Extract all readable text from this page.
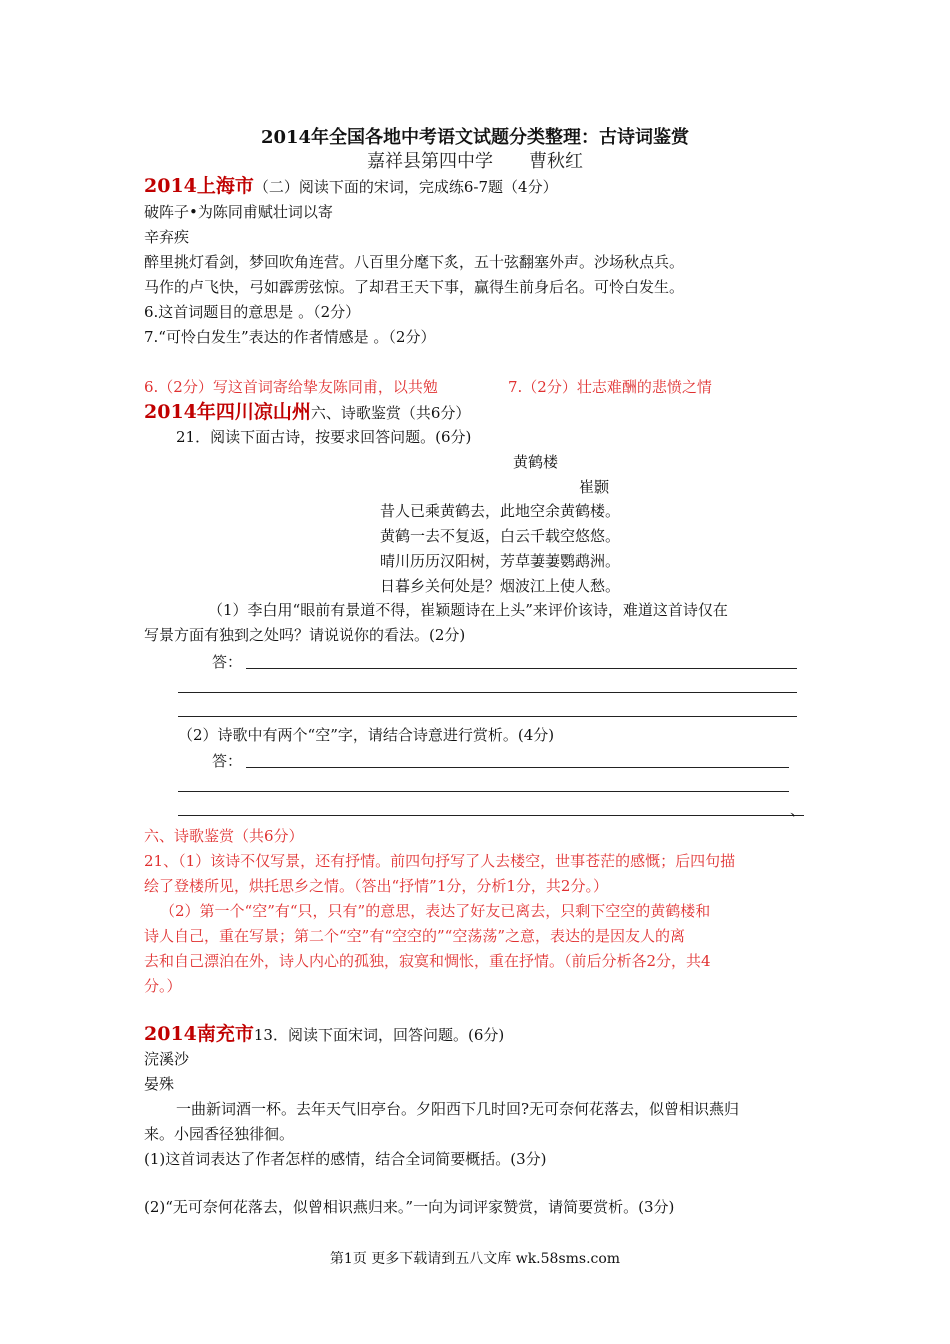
2014年全国各地中考语文试题分类整理：古诗词鉴赏
嘉祥县第四中学　　曹秋红
2014上海市（二）阅读下面的宋词，完成练6-7题（4分）
破阵子•为陈同甫赋壮词以寄
辛弃疾
醉里挑灯看剑，梦回吹角连营。八百里分麾下炙，五十弦翻塞外声。沙场秋点兵。
马作的卢飞快，弓如霹雳弦惊。了却君王天下事，赢得生前身后名。可怜白发生。
6.这首词题目的意思是 。（2分）
7.“可怜白发生”表达的作者情感是 。（2分）
6.（2分）写这首词寄给挚友陈同甫，以共勉	7.（2分）壮志难酬的悲愤之情
2014年四川凉山州六、诗歌鉴赏（共6分）
21．阅读下面古诗，按要求回答问题。(6分)
黄鹤楼
崔颢
昔人已乘黄鹤去，此地空余黄鹤楼。
黄鹤一去不复返，白云千载空悠悠。
晴川历历汉阳树，芳草萋萋鹦鹉洲。
日暮乡关何处是？烟波江上使人愁。
（1）李白用“眼前有景道不得，崔颖题诗在上头”来评价该诗，难道这首诗仅在
写景方面有独到之处吗？请说说你的看法。(2分)
答：
（2）诗歌中有两个“空”字，请结合诗意进行赏析。(4分)
答：
、
六、诗歌鉴赏（共6分）
21、（1）该诗不仅写景，还有抒情。前四句抒写了人去楼空，世事苍茫的感慨；后四句描
绘了登楼所见，烘托思乡之情。（答出“抒情”1分，分析1分，共2分。）
（2）第一个“空”有“只，只有”的意思，表达了好友已离去，只剩下空空的黄鹤楼和
诗人自己，重在写景；第二个“空”有“空空的”“空荡荡”之意，表达的是因友人的离
去和自己漂泊在外，诗人内心的孤独，寂寞和惆怅，重在抒情。（前后分析各2分，共4
分。）
2014南充市13．阅读下面宋词，回答问题。(6分)
浣溪沙
晏殊
一曲新词酒一杯。去年天气旧亭台。夕阳西下几时回?无可奈何花落去，似曾相识燕归
来。小园香径独徘徊。
(1)这首词表达了作者怎样的感情，结合全词简要概括。(3分)
(2)“无可奈何花落去，似曾相识燕归来。”一向为词评家赞赏，请简要赏析。(3分)
第1页 更多下载请到五八文库 wk.58sms.com
